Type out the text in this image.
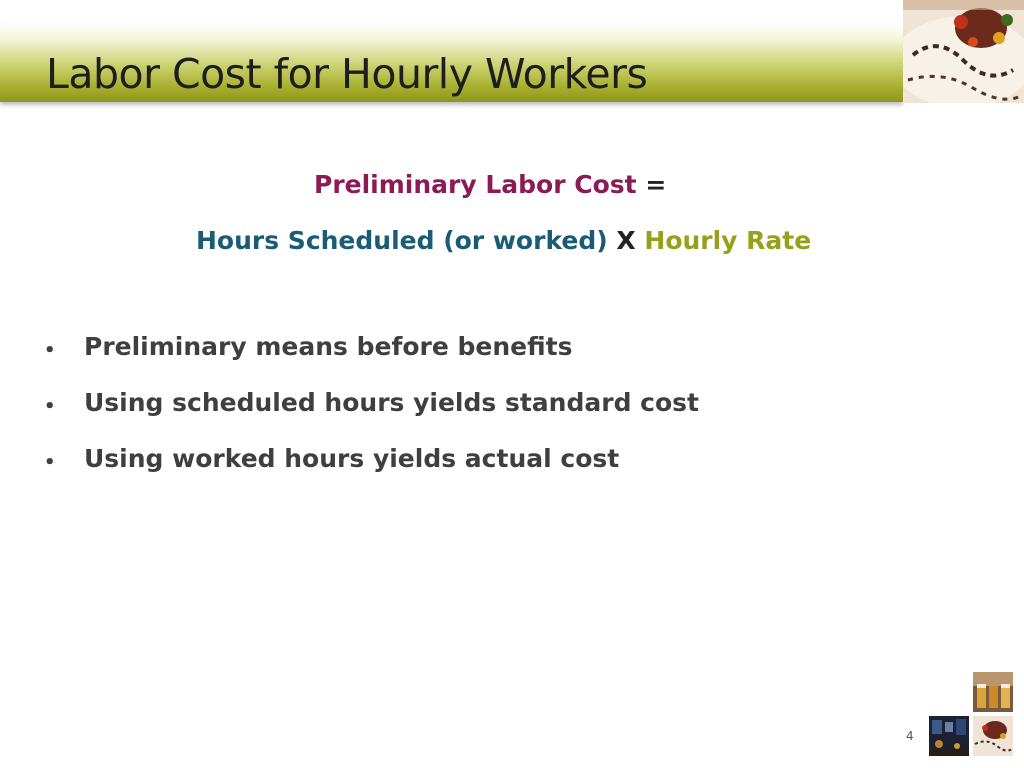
Labor Cost for Hourly Workers
Preliminary Labor Cost =
Hours Scheduled (or worked) X Hourly Rate
•	Preliminary means before benefits
•	Using scheduled hours yields standard cost
•	Using worked hours yields actual cost
4
